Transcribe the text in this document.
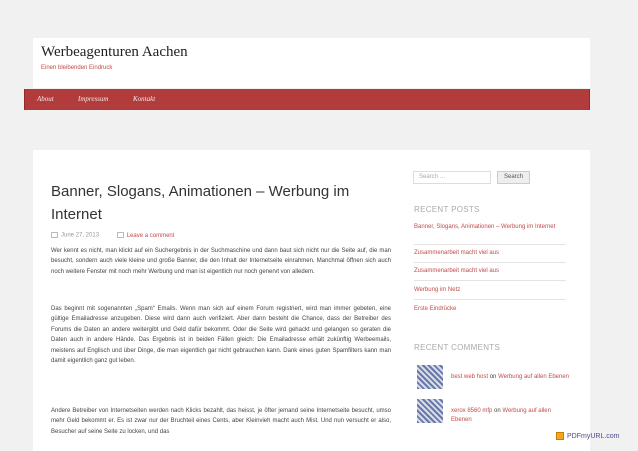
Werbeagenturen Aachen
Einen bleibenden Eindruck
About	Impressum	Kontakt
Banner, Slogans, Animationen – Werbung im Internet
June 27, 2013	Leave a comment
Wer kennt es nicht, man klickt auf ein Suchergebnis in der Suchmaschine und dann baut sich nicht nur die Seite auf, die man besucht, sondern auch viele kleine und große Banner, die den Inhalt der Internetseite einrahmen. Manchmal öffnen sich auch noch weitere Fenster mit noch mehr Werbung und man ist eigentlich nur noch genervt von alledem.
Das beginnt mit sogenannten „Spam“ Emails. Wenn man sich auf einem Forum registriert, wird man immer gebeten, eine gültige Emailadresse anzugeben. Diese wird dann auch verifiziert. Aber dann besteht die Chance, dass der Betreiber des Forums die Daten an andere weitergibt und Geld dafür bekommt. Oder die Seite wird gehackt und gelangen so geraten die Daten auch in andere Hände. Das Ergebnis ist in beiden Fällen gleich: Die Emailadresse erhält zukünftig Werbeemails, meistens auf Englisch und über Dinge, die man eigentlich gar nicht gebrauchen kann. Dank eines guten Spamfilters kann man damit eigentlich ganz gut leben.
Andere Betreiber von Internetseiten werden nach Klicks bezahlt, das heisst, je öfter jemand seine Internetseite besucht, umso mehr Geld bekommt er. Es ist zwar nur der Bruchteil eines Cents, aber Kleinvieh macht auch Mist. Und nun versucht er also, Besucher auf seine Seite zu locken, und das
Search …	Search
RECENT POSTS
Banner, Slogans, Animationen – Werbung im Internet
Zusammenarbeit macht viel aus
Zusammenarbeit macht viel aus
Werbung im Netz
Erste Eindrücke
RECENT COMMENTS
best web host on Werbung auf allen Ebenen
xerox 8560 mfp on Werbung auf allen Ebenen
PDFmyURL.com
